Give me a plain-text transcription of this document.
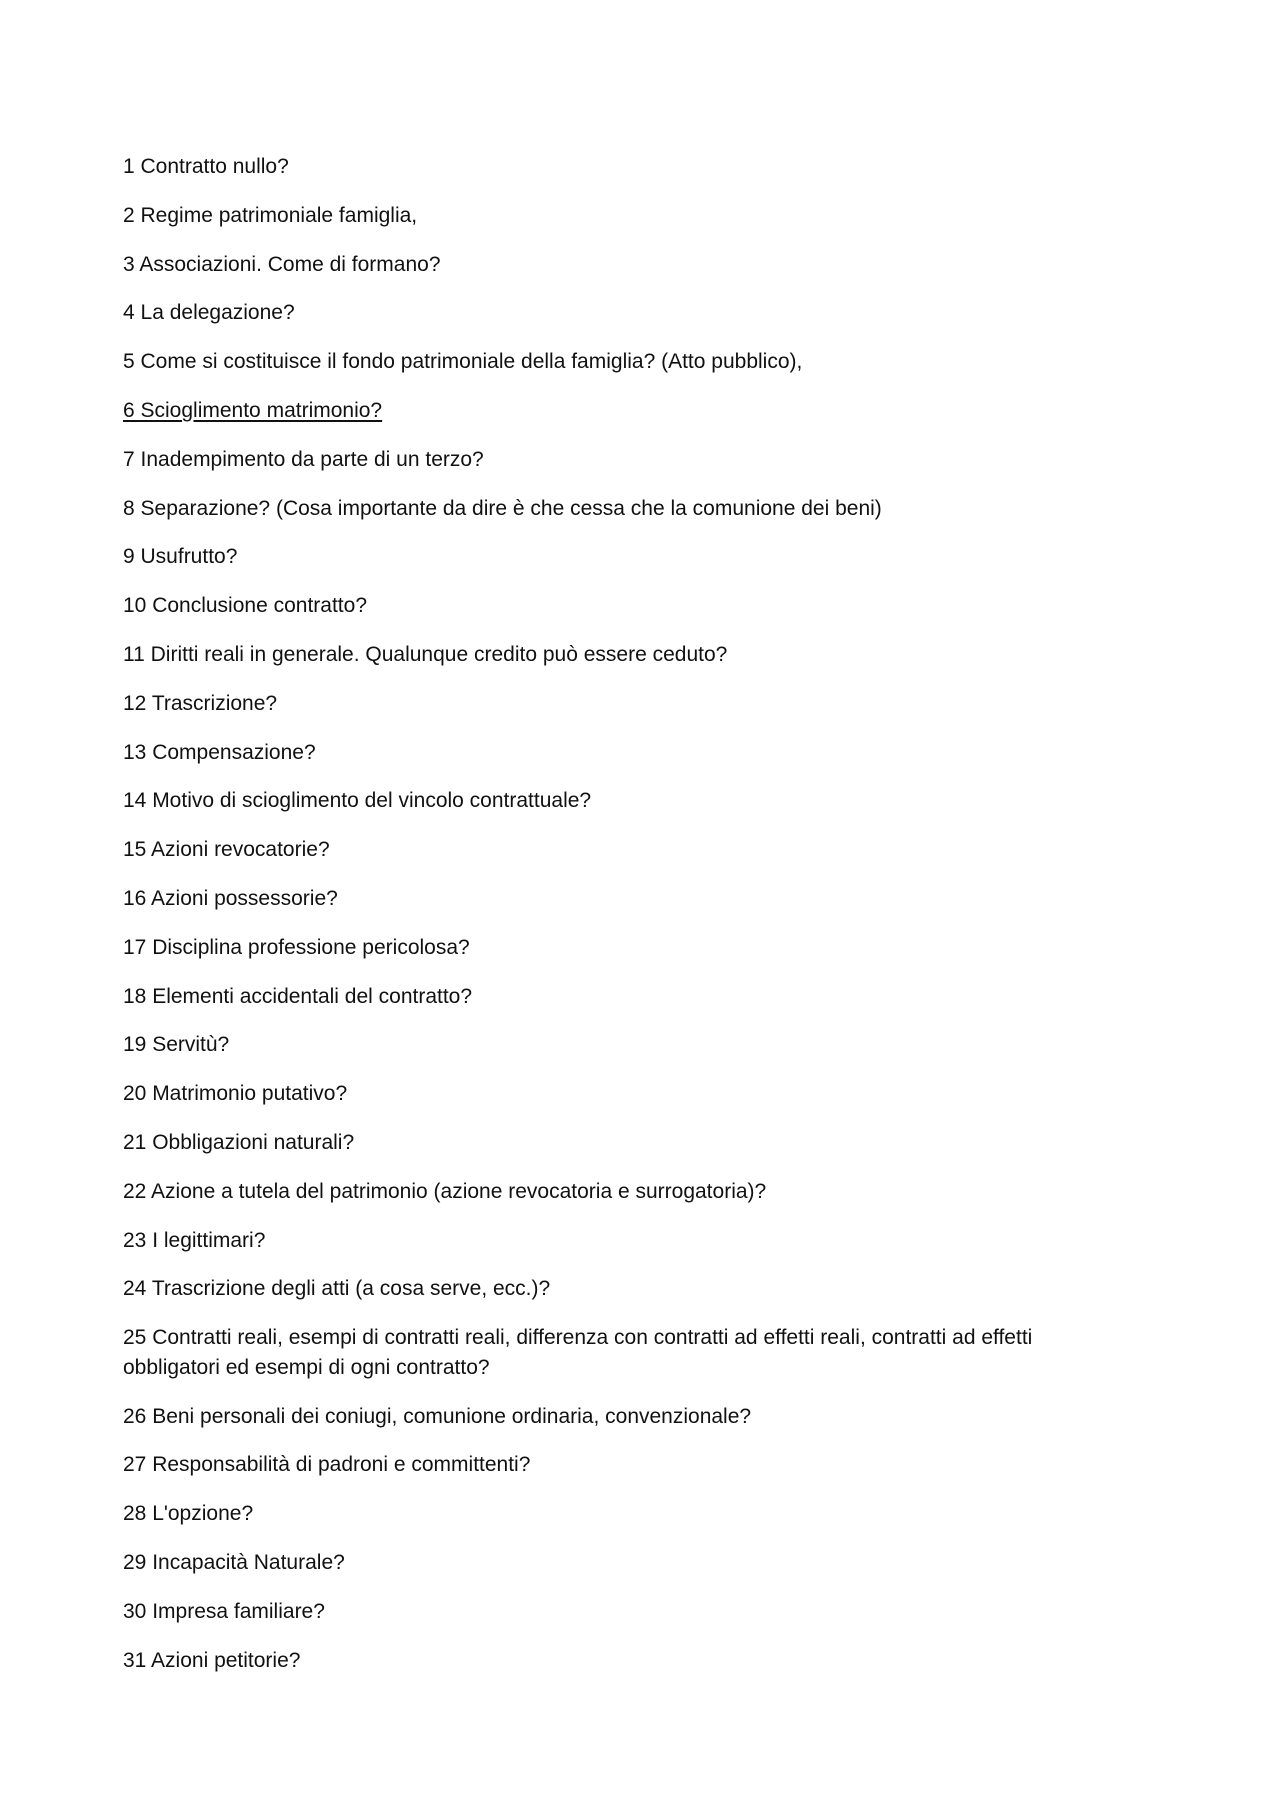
1 Contratto nullo?
2 Regime patrimoniale famiglia,
3 Associazioni. Come di formano?
4 La delegazione?
5 Come si costituisce il fondo patrimoniale della famiglia? (Atto pubblico),
6 Scioglimento matrimonio?
7 Inadempimento da parte di un terzo?
8 Separazione? (Cosa importante da dire è che cessa che la comunione dei beni)
9 Usufrutto?
10 Conclusione contratto?
11 Diritti reali in generale. Qualunque credito può essere ceduto?
12 Trascrizione?
13 Compensazione?
14 Motivo di scioglimento del vincolo contrattuale?
15 Azioni revocatorie?
16 Azioni possessorie?
17 Disciplina professione pericolosa?
18 Elementi accidentali del contratto?
19 Servitù?
20 Matrimonio putativo?
21 Obbligazioni naturali?
22 Azione a tutela del patrimonio (azione revocatoria e surrogatoria)?
23 I legittimari?
24 Trascrizione degli atti (a cosa serve, ecc.)?
25 Contratti reali, esempi di contratti reali, differenza con contratti ad effetti reali, contratti ad effetti obbligatori ed esempi di ogni contratto?
26 Beni personali dei coniugi, comunione ordinaria, convenzionale?
27 Responsabilità di padroni e committenti?
28 L'opzione?
29 Incapacità Naturale?
30 Impresa familiare?
31 Azioni petitorie?
